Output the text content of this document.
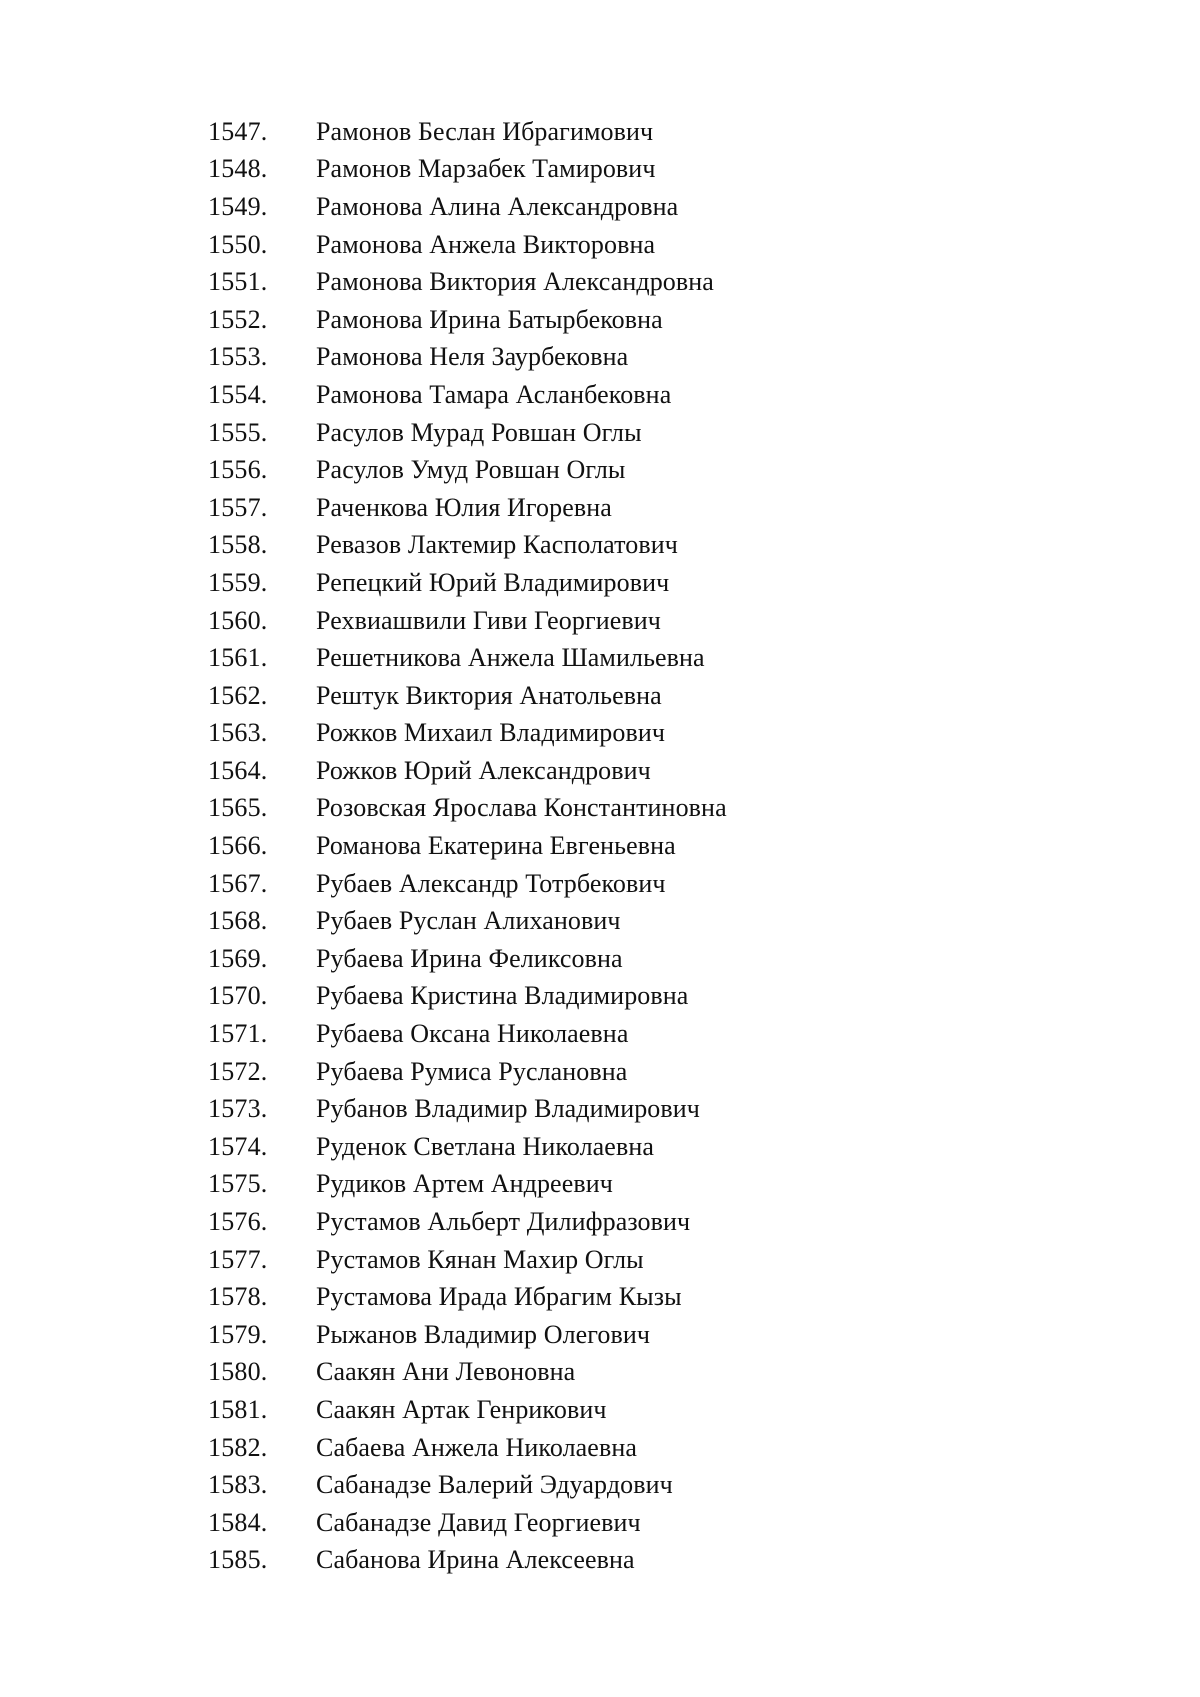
1547.	Рамонов Беслан Ибрагимович
1548.	Рамонов Марзабек Тамирович
1549.	Рамонова Алина Александровна
1550.	Рамонова Анжела Викторовна
1551.	Рамонова Виктория Александровна
1552.	Рамонова Ирина Батырбековна
1553.	Рамонова Неля Заурбековна
1554.	Рамонова Тамара Асланбековна
1555.	Расулов Мурад Ровшан Оглы
1556.	Расулов Умуд Ровшан Оглы
1557.	Раченкова Юлия Игоревна
1558.	Ревазов Лактемир Касполатович
1559.	Репецкий Юрий Владимирович
1560.	Рехвиашвили Гиви Георгиевич
1561.	Решетникова Анжела Шамильевна
1562.	Рештук Виктория Анатольевна
1563.	Рожков Михаил Владимирович
1564.	Рожков Юрий Александрович
1565.	Розовская Ярослава Константиновна
1566.	Романова Екатерина Евгеньевна
1567.	Рубаев Александр Тотрбекович
1568.	Рубаев Руслан Алиханович
1569.	Рубаева Ирина Феликсовна
1570.	Рубаева Кристина Владимировна
1571.	Рубаева Оксана Николаевна
1572.	Рубаева Румиса Руслановна
1573.	Рубанов Владимир Владимирович
1574.	Руденок Светлана Николаевна
1575.	Рудиков Артем Андреевич
1576.	Рустамов Альберт Дилифразович
1577.	Рустамов Кянан Махир Оглы
1578.	Рустамова Ирада Ибрагим Кызы
1579.	Рыжанов Владимир Олегович
1580.	Саакян Ани Левоновна
1581.	Саакян Артак Генрикович
1582.	Сабаева Анжела Николаевна
1583.	Сабанадзе Валерий Эдуардович
1584.	Сабанадзе Давид Георгиевич
1585.	Сабанова Ирина Алексеевна
